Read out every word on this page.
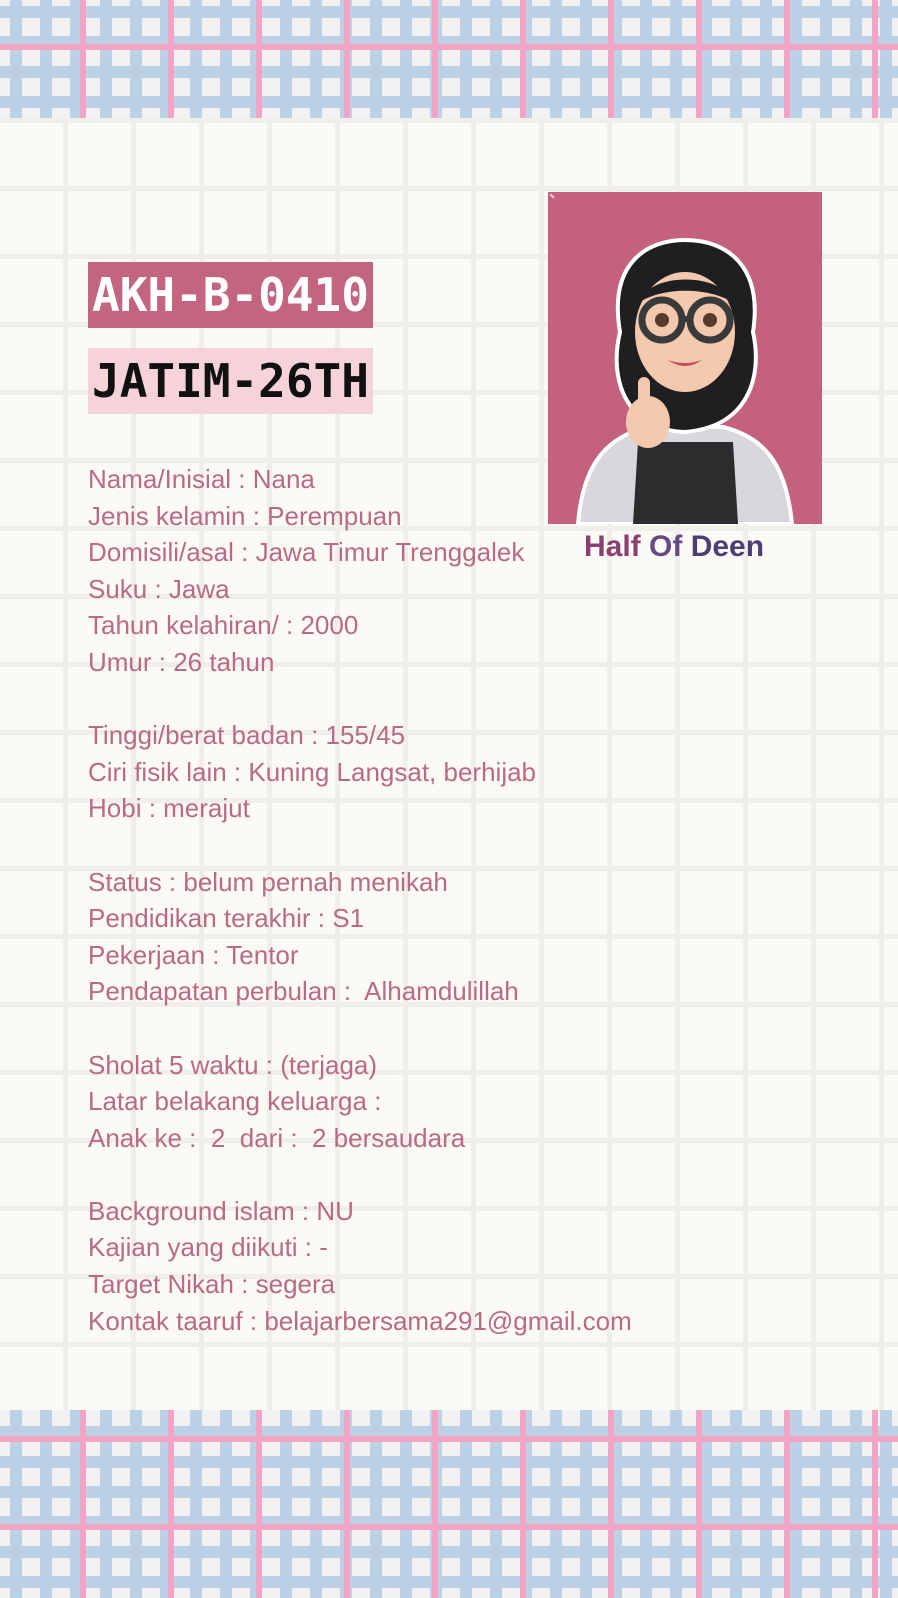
AKH-B-0410
JATIM-26TH
Half Of Deen
Nama/Inisial : Nana
Jenis kelamin : Perempuan
Domisili/asal : Jawa Timur Trenggalek
Suku : Jawa
Tahun kelahiran/ : 2000
Umur : 26 tahun
Tinggi/berat badan : 155/45
Ciri fisik lain : Kuning Langsat, berhijab
Hobi : merajut
Status : belum pernah menikah
Pendidikan terakhir : S1
Pekerjaan : Tentor
Pendapatan perbulan :  Alhamdulillah
Sholat 5 waktu : (terjaga)
Latar belakang keluarga :
Anak ke :  2  dari :  2 bersaudara
Background islam : NU
Kajian yang diikuti : -
Target Nikah : segera
Kontak taaruf : belajarbersama291@gmail.com
